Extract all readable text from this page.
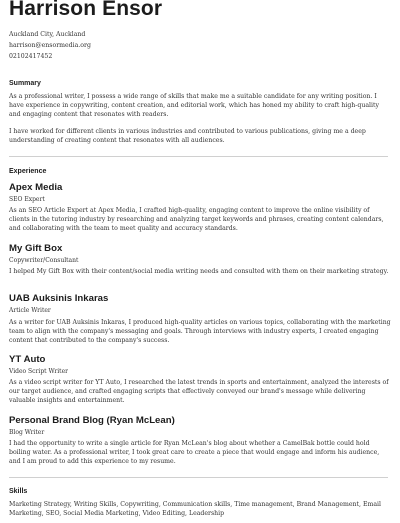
Harrison Ensor
Auckland City, Auckland
harrison@ensormedia.org
02102417452
Summary

As a professional writer, I possess a wide range of skills that make me a suitable candidate for any writing position. I have experience in copywriting, content creation, and editorial work, which has honed my ability to craft high-quality and engaging content that resonates with readers.

I have worked for different clients in various industries and contributed to various publications, giving me a deep understanding of creating content that resonates with all audiences.

Experience
Apex Media
SEO Expert

As an SEO Article Expert at Apex Media, I crafted high-quality, engaging content to improve the online visibility of clients in the tutoring industry by researching and analyzing target keywords and phrases, creating content calendars, and collaborating with the team to meet quality and accuracy standards.

My Gift Box
Copywriter/Consultant

I helped My Gift Box with their content/social media writing needs and consulted with them on their marketing strategy.

UAB Auksinis Inkaras
Article Writer

As a writer for UAB Auksinis Inkaras, I produced high-quality articles on various topics, collaborating with the marketing team to align with the company's messaging and goals. Through interviews with industry experts, I created engaging content that contributed to the company's success.

YT Auto
Video Script Writer

As a video script writer for YT Auto, I researched the latest trends in sports and entertainment, analyzed the interests of our target audience, and crafted engaging scripts that effectively conveyed our brand's message while delivering valuable insights and entertainment.

Personal Brand Blog (Ryan McLean)
Blog Writer

I had the opportunity to write a single article for Ryan McLean's blog about whether a CamelBak bottle could hold boiling water. As a professional writer, I took great care to create a piece that would engage and inform his audience, and I am proud to add this experience to my resume.

Skills

Marketing Strategy, Writing Skills, Copywriting, Communication skills, Time management, Brand Management, Email Marketing, SEO, Social Media Marketing, Video Editing, Leadership
